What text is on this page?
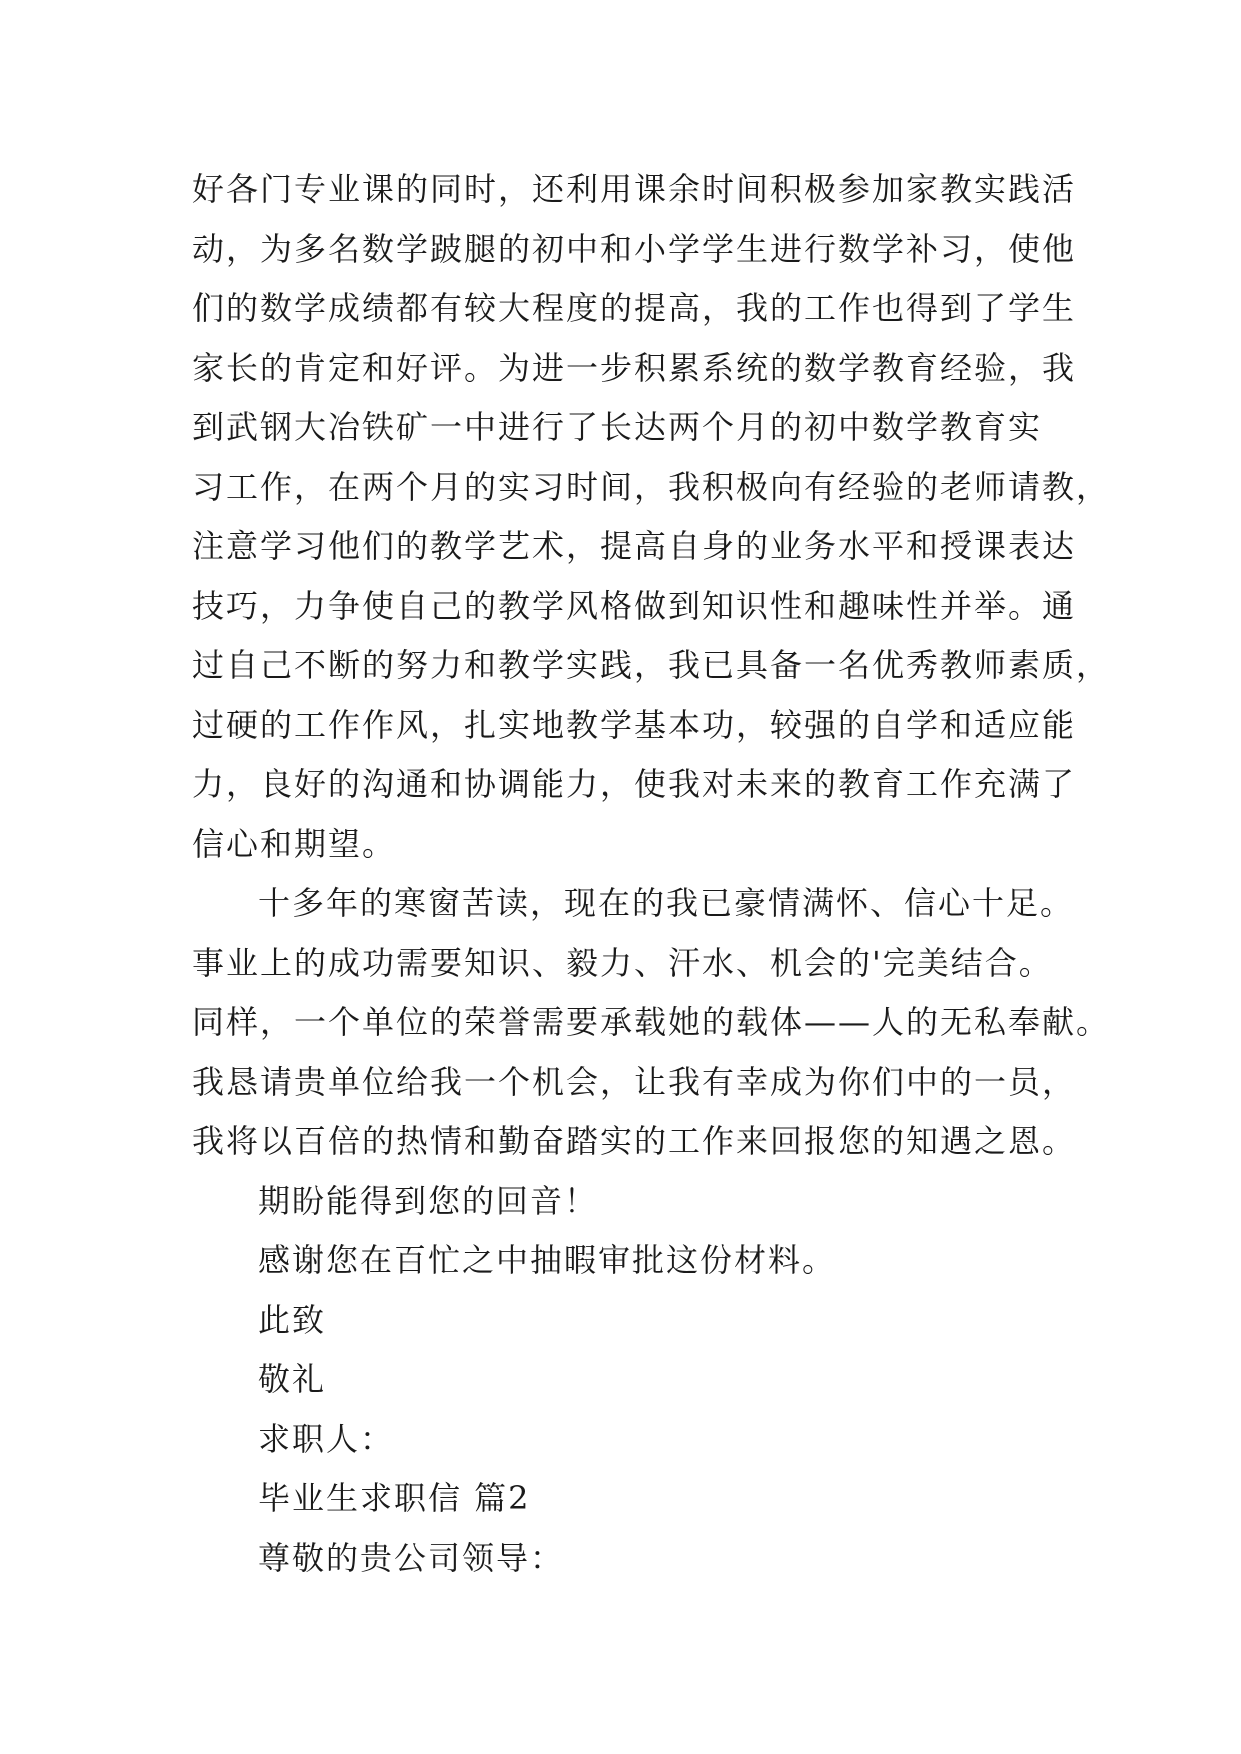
好各门专业课的同时，还利用课余时间积极参加家教实践活
动，为多名数学跛腿的初中和小学学生进行数学补习，使他
们的数学成绩都有较大程度的提高，我的工作也得到了学生
家长的肯定和好评。为进一步积累系统的数学教育经验，我
到武钢大冶铁矿一中进行了长达两个月的初中数学教育实
习工作，在两个月的实习时间，我积极向有经验的老师请教，
注意学习他们的教学艺术，提高自身的业务水平和授课表达
技巧，力争使自己的教学风格做到知识性和趣味性并举。通
过自己不断的努力和教学实践，我已具备一名优秀教师素质，
过硬的工作作风，扎实地教学基本功，较强的自学和适应能
力，良好的沟通和协调能力，使我对未来的教育工作充满了
信心和期望。
十多年的寒窗苦读，现在的我已豪情满怀、信心十足。
事业上的成功需要知识、毅力、汗水、机会的'完美结合。
同样，一个单位的荣誉需要承载她的载体——人的无私奉献。
我恳请贵单位给我一个机会，让我有幸成为你们中的一员，
我将以百倍的热情和勤奋踏实的工作来回报您的知遇之恩。
期盼能得到您的回音！
感谢您在百忙之中抽暇审批这份材料。
此致
敬礼
求职人：
毕业生求职信 篇2
尊敬的贵公司领导：
